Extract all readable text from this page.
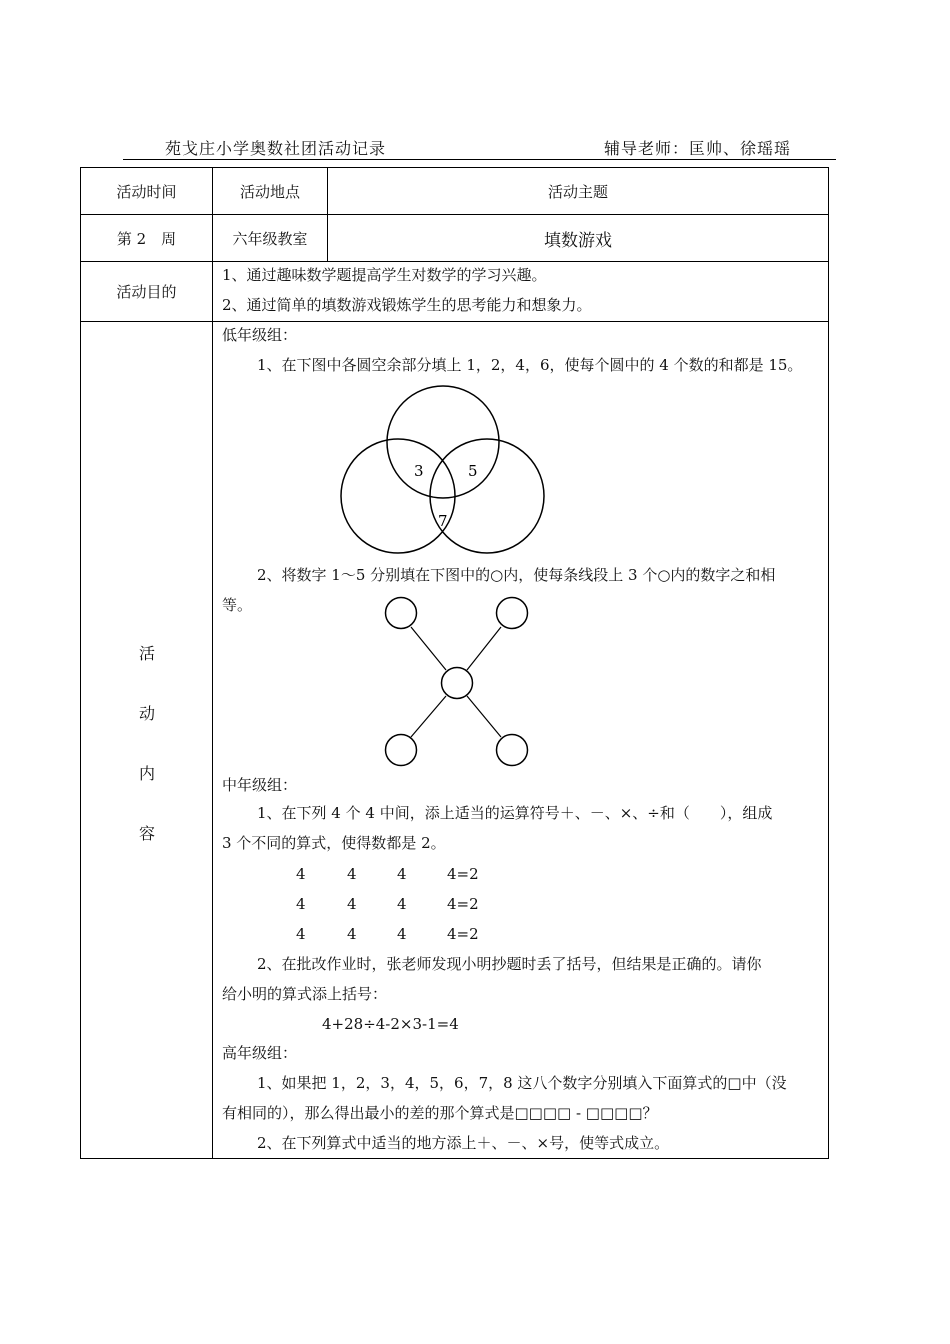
苑戈庄小学奥数社团活动记录	辅导老师：匡帅、徐瑶瑶
活动时间	活动地点	活动主题
第 2　周	六年级教室	填数游戏
活动目的
1、通过趣味数学题提高学生对数学的学习兴趣。
2、通过简单的填数游戏锻炼学生的思考能力和想象力。
活
动
内
容
低年级组：
1、在下图中各圆空余部分填上 1，2，4，6，使每个圆中的 4 个数的和都是 15。
3	5
7
2、将数字 1～5 分别填在下图中的○内，使每条线段上 3 个○内的数字之和相
等。
中年级组：
1、在下列 4 个 4 中间，添上适当的运算符号＋、－、×、÷和（　　），组成
3 个不同的算式，使得数都是 2。
4	4	4	4=2
4	4	4	4=2
4	4	4	4=2
2、在批改作业时，张老师发现小明抄题时丢了括号，但结果是正确的。请你
给小明的算式添上括号：
4+28÷4-2×3-1=4
高年级组：
1、如果把 1，2，3，4，5，6，7，8 这八个数字分别填入下面算式的□中（没
有相同的），那么得出最小的差的那个算式是□□□□ - □□□□？
2、在下列算式中适当的地方添上＋、－、×号，使等式成立。
